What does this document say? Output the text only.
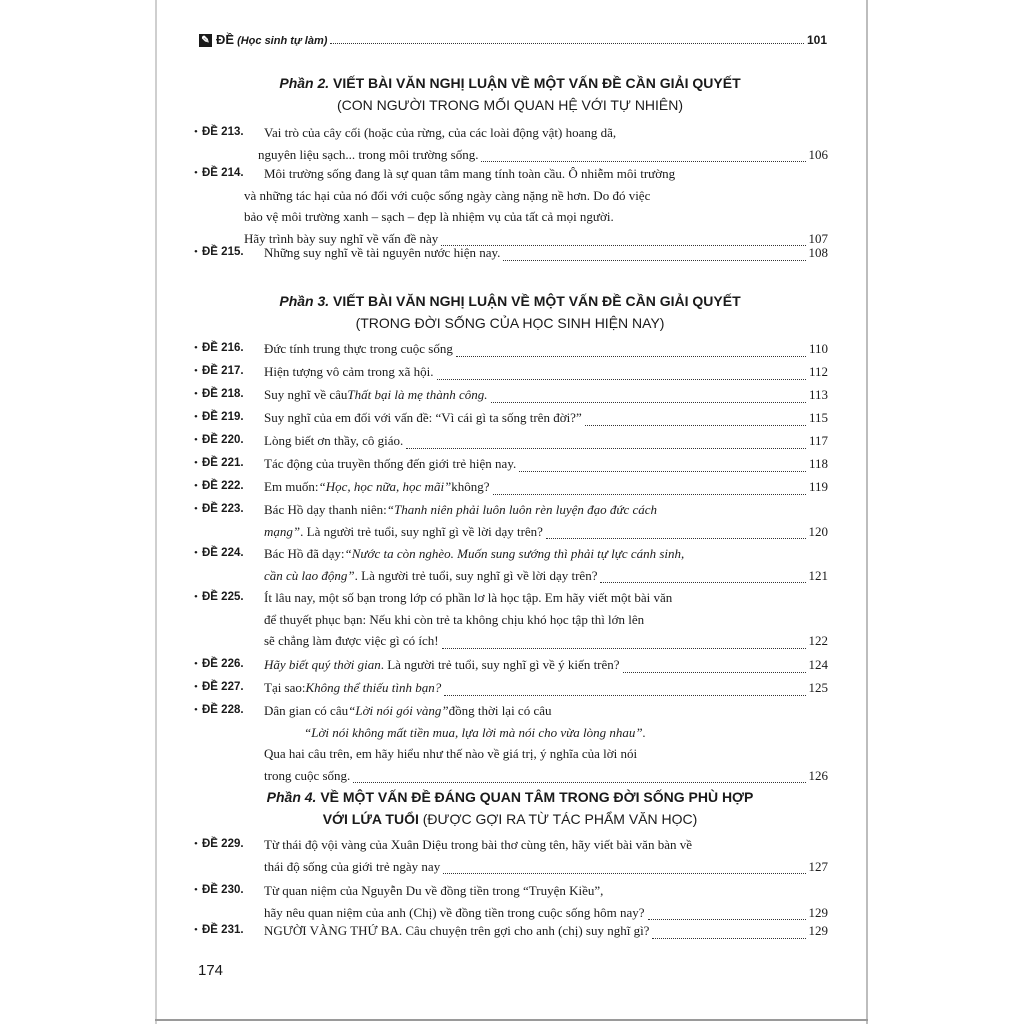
✎ ĐỀ (Học sinh tự làm)	101
Phần 2. VIẾT BÀI VĂN NGHỊ LUẬN VỀ MỘT VẤN ĐỀ CẦN GIẢI QUYẾT
(CON NGƯỜI TRONG MỐI QUAN HỆ VỚI TỰ NHIÊN)
• ĐỀ 213. Vai trò của cây cối (hoặc của rừng, của các loài động vật) hoang dã,
nguyên liệu sạch... trong môi trường sống.	106
• ĐỀ 214. Môi trường sống đang là sự quan tâm mang tính toàn cầu. Ô nhiễm môi trường
và những tác hại của nó đối với cuộc sống ngày càng nặng nề hơn. Do đó việc
bảo vệ môi trường xanh – sạch – đẹp là nhiệm vụ của tất cả mọi người.
Hãy trình bày suy nghĩ về vấn đề này	107
• ĐỀ 215. Những suy nghĩ về tài nguyên nước hiện nay.	108
Phần 3. VIẾT BÀI VĂN NGHỊ LUẬN VỀ MỘT VẤN ĐỀ CẦN GIẢI QUYẾT
(TRONG ĐỜI SỐNG CỦA HỌC SINH HIỆN NAY)
• ĐỀ 216. Đức tính trung thực trong cuộc sống	110
• ĐỀ 217. Hiện tượng vô cảm trong xã hội.	112
• ĐỀ 218. Suy nghĩ về câu Thất bại là mẹ thành công.	113
• ĐỀ 219. Suy nghĩ của em đối với vấn đề: “Vì cái gì ta sống trên đời?”	115
• ĐỀ 220. Lòng biết ơn thầy, cô giáo.	117
• ĐỀ 221. Tác động của truyền thống đến giới trẻ hiện nay.	118
• ĐỀ 222. Em muốn: “Học, học nữa, học mãi” không?	119
• ĐỀ 223. Bác Hồ dạy thanh niên: “Thanh niên phải luôn luôn rèn luyện đạo đức cách
mạng” . Là người trẻ tuổi, suy nghĩ gì về lời dạy trên?	120
• ĐỀ 224. Bác Hồ đã dạy: “Nước ta còn nghèo. Muốn sung sướng thì phải tự lực cánh sinh,
cần cù lao động” . Là người trẻ tuổi, suy nghĩ gì về lời dạy trên?	121
• ĐỀ 225. Ít lâu nay, một số bạn trong lớp có phần lơ là học tập. Em hãy viết một bài văn
để thuyết phục bạn: Nếu khi còn trẻ ta không chịu khó học tập thì lớn lên
sẽ chẳng làm được việc gì có ích!	122
• ĐỀ 226. Hãy biết quý thời gian . Là người trẻ tuổi, suy nghĩ gì về ý kiến trên?	124
• ĐỀ 227. Tại sao: Không thể thiếu tình bạn?	125
• ĐỀ 228. Dân gian có câu “Lời nói gói vàng” đồng thời lại có câu
“Lời nói không mất tiền mua, lựa lời mà nói cho vừa lòng nhau”.
Qua hai câu trên, em hãy hiểu như thế nào về giá trị, ý nghĩa của lời nói
trong cuộc sống.	126
Phần 4. VỀ MỘT VẤN ĐỀ ĐÁNG QUAN TÂM TRONG ĐỜI SỐNG PHÙ HỢP
VỚI LỨA TUỔI (ĐƯỢC GỢI RA TỪ TÁC PHẨM VĂN HỌC)
• ĐỀ 229. Từ thái độ vội vàng của Xuân Diệu trong bài thơ cùng tên, hãy viết bài văn bàn về
thái độ sống của giới trẻ ngày nay	127
• ĐỀ 230. Từ quan niệm của Nguyễn Du về đồng tiền trong “Truyện Kiều”,
hãy nêu quan niệm của anh (Chị) về đồng tiền trong cuộc sống hôm nay?	129
• ĐỀ 231. NGƯỜI VÀNG THỨ BA. Câu chuyện trên gợi cho anh (chị) suy nghĩ gì?	129
174
